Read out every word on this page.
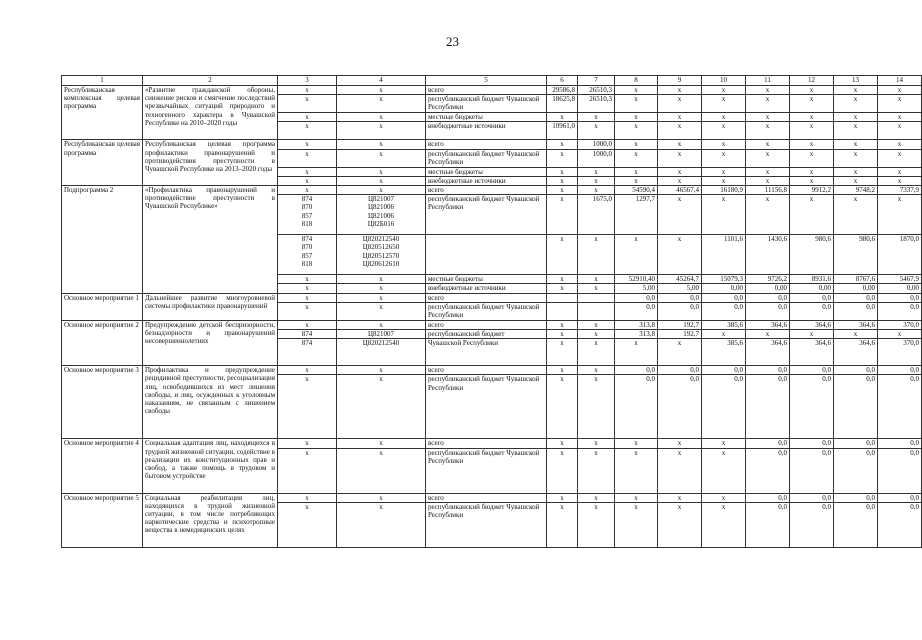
23
1	2	3	4	5	6	7	8	9	10	11	12	13	14
Республиканская комплексная целевая программа	«Развитие гражданской обороны, снижение рисков и смягчение последствий чрезвычайных ситуаций природного и техногенного характера в Чувашской Республике на 2010–2020 годы	х	х	всего	29586,8	26510,3	х	х	х	х	х	х	х
		х	х	республиканский бюджет Чувашской Республики	18625,8	26510,3	х	х	х	х	х	х	х
		х	х	местные бюджеты	х	х	х	х	х	х	х	х	х
		х	х	внебюджетные источники	10961,0	х	х	х	х	х	х	х	х
Республиканская целевая программа	Республиканская целевая программа профилактики правонарушений и противодействия преступности в Чувашской Республике на 2013–2020 годы	х	х	всего	х	1000,0	х	х	х	х	х	х	х
		х	х	республиканский бюджет Чувашской Республики	х	1000,0	х	х	х	х	х	х	х
		х	х	местные бюджеты	х	х	х	х	х	х	х	х	х
		х	х	внебюджетные источники	х	х	х	х	х	х	х	х	х
Подпрограмма 2	«Профилактика правонарушений и противодействие преступности в Чувашской Республике»	х	х	всего	х	х	54590,4	46567,4	16180,9	11156,8	9912,2	9748,2	7337,9
		874
870
857
818	Ц821007
Ц821006
Ц821006
Ц82Б016	республиканский бюджет Чувашской Республики	х	1675,0	1297,7	х	х	х	х	х	х
		874
870
857
818	Ц820212540
Ц820512650
Ц820512570
Ц820612610		х	х	х	х	1101,6	1430,6	980,6	980,6	1870,0
		х	х	местные бюджеты	х	х	52910,40	45264,7	15079,3	9726,2	8931,6	8767,6	5467,9
		х	х	внебюджетные источники	х	х	5,00	5,00	0,00	0,00	0,00	0,00	0,00
Основное мероприятие 1	Дальнейшее развитие многоуровневой системы профилактики правонарушений	х	х	всего			0,0	0,0	0,0	0,0	0,0	0,0	0,0
		х	х	республиканский бюджет Чувашской Республики			0,0	0,0	0,0	0,0	0,0	0,0	0,0
Основное мероприятие 2	Предупреждение детской беспризорности, безнадзорности и правонарушений несовершеннолетних	х	х	всего	х	х	313,8	192,7	385,6	364,6	364,6	364,6	370,0
		874	Ц821007	республиканский бюджет	х	х	313,8	192,7	х	х	х	х	х
		874	Ц820212540	Чувашской Республики	х	х	х	х	385,6	364,6	364,6	364,6	370,0
Основное мероприятие 3	Профилактика и предупреждение рецидивной преступности, ресоциализация лиц, освободившихся из мест лишения свободы, и лиц, осужденных к уголовным наказаниям, не связанным с лишением свободы	х	х	всего	х	х	0,0	0,0	0,0	0,0	0,0	0,0	0,0
		х	х	республиканский бюджет Чувашской Республики	х	х	0,0	0,0	0,0	0,0	0,0	0,0	0,0
Основное мероприятие 4	Социальная адаптация лиц, находящихся в трудной жизненной ситуации, содействие в реализации их конституционных прав и свобод, а также помощь в трудовом и бытовом устройстве	х	х	всего	х	х	х	х	х	0,0	0,0	0,0	0,0
		х	х	республиканский бюджет Чувашской Республики	х	х	х	х	х	0,0	0,0	0,0	0,0
Основное мероприятие 5	Социальная реабилитация лиц, находящихся в трудной жизненной ситуации, в том числе потребляющих наркотические средства и психотропные вещества в немедицинских целях	х	х	всего	х	х	х	х	х	0,0	0,0	0,0	0,0
		х	х	республиканский бюджет Чувашской Республики	х	х	х	х	х	0,0	0,0	0,0	0,0
